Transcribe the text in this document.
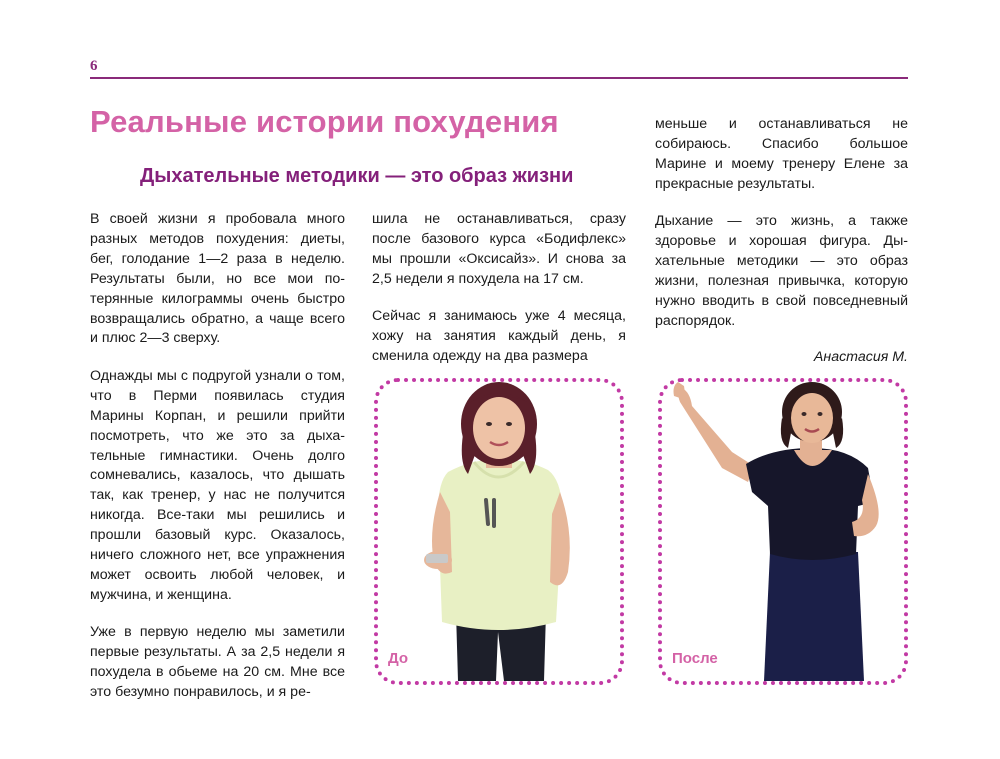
6
Реальные истории похудения
Дыхательные методики — это образ жизни

В своей жизни я пробовала много разных методов похудения: диеты, бег, голодание 1—2 раза в неделю. Результаты были, но все мои потерянные килограммы очень быстро возвращались обратно, а чаще всего и плюс 2—3 сверху.

Однажды мы с подругой узнали о том, что в Перми появилась студия Марины Корпан, и решили прийти посмотреть, что же это за дыхательные гимнастики. Очень долго сомневались, казалось, что дышать так, как тренер, у нас не получится никогда. Все-таки мы решились и прошли базовый курс. Оказалось, ничего сложного нет, все упражнения может освоить любой человек, и мужчина, и женщина.

Уже в первую неделю мы заметили первые результаты. А за 2,5 недели я похудела в обьеме на 20 см. Мне все это безумно понравилось, и я ре-

шила не останавливаться, сразу после базового курса «Бодифлекс» мы прошли «Оксисайз». И снова за 2,5 недели я похудела на 17 см.

Сейчас я занимаюсь уже 4 месяца, хожу на занятия каждый день, я сменила одежду на два размера

меньше и останавливаться не собираюсь. Спасибо большое Марине и моему тренеру Елене за прекрасные результаты.

Дыхание — это жизнь, а также здоровье и хорошая фигура. Дыхательные методики — это образ жизни, полезная привычка, которую нужно вводить в свой повседневный распорядок.

Анастасия М.

До	После
